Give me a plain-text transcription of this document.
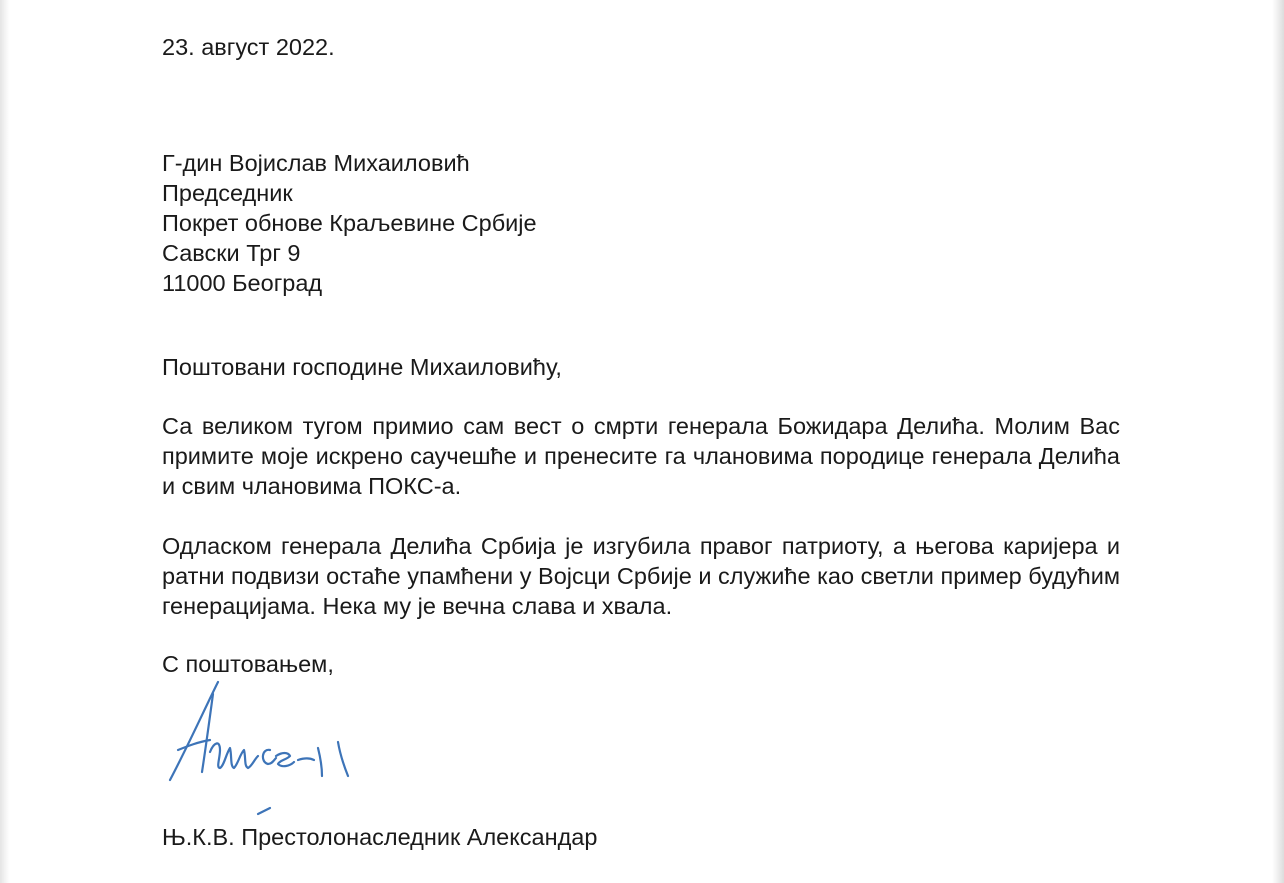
23. август 2022.
Г-дин Војислав Михаиловић
Председник
Покрет обнове Краљевине Србије
Савски Трг 9
11000 Београд
Поштовани господине Михаиловићу,
Са великом тугом примио сам вест о смрти генерала Божидара Делића. Молим Вас примите моје искрено саучешће и пренесите га члановима породице генерала Делића и свим члановима ПОКС-а.
Одласком генерала Делића Србија је изгубила правог патриоту, а његова каријера и ратни подвизи остаће упамћени у Војсци Србије и служиће као светли пример будућим генерацијама. Нека му је вечна слава и хвала.
С поштовањем,
Њ.К.В. Престолонаследник Александар
